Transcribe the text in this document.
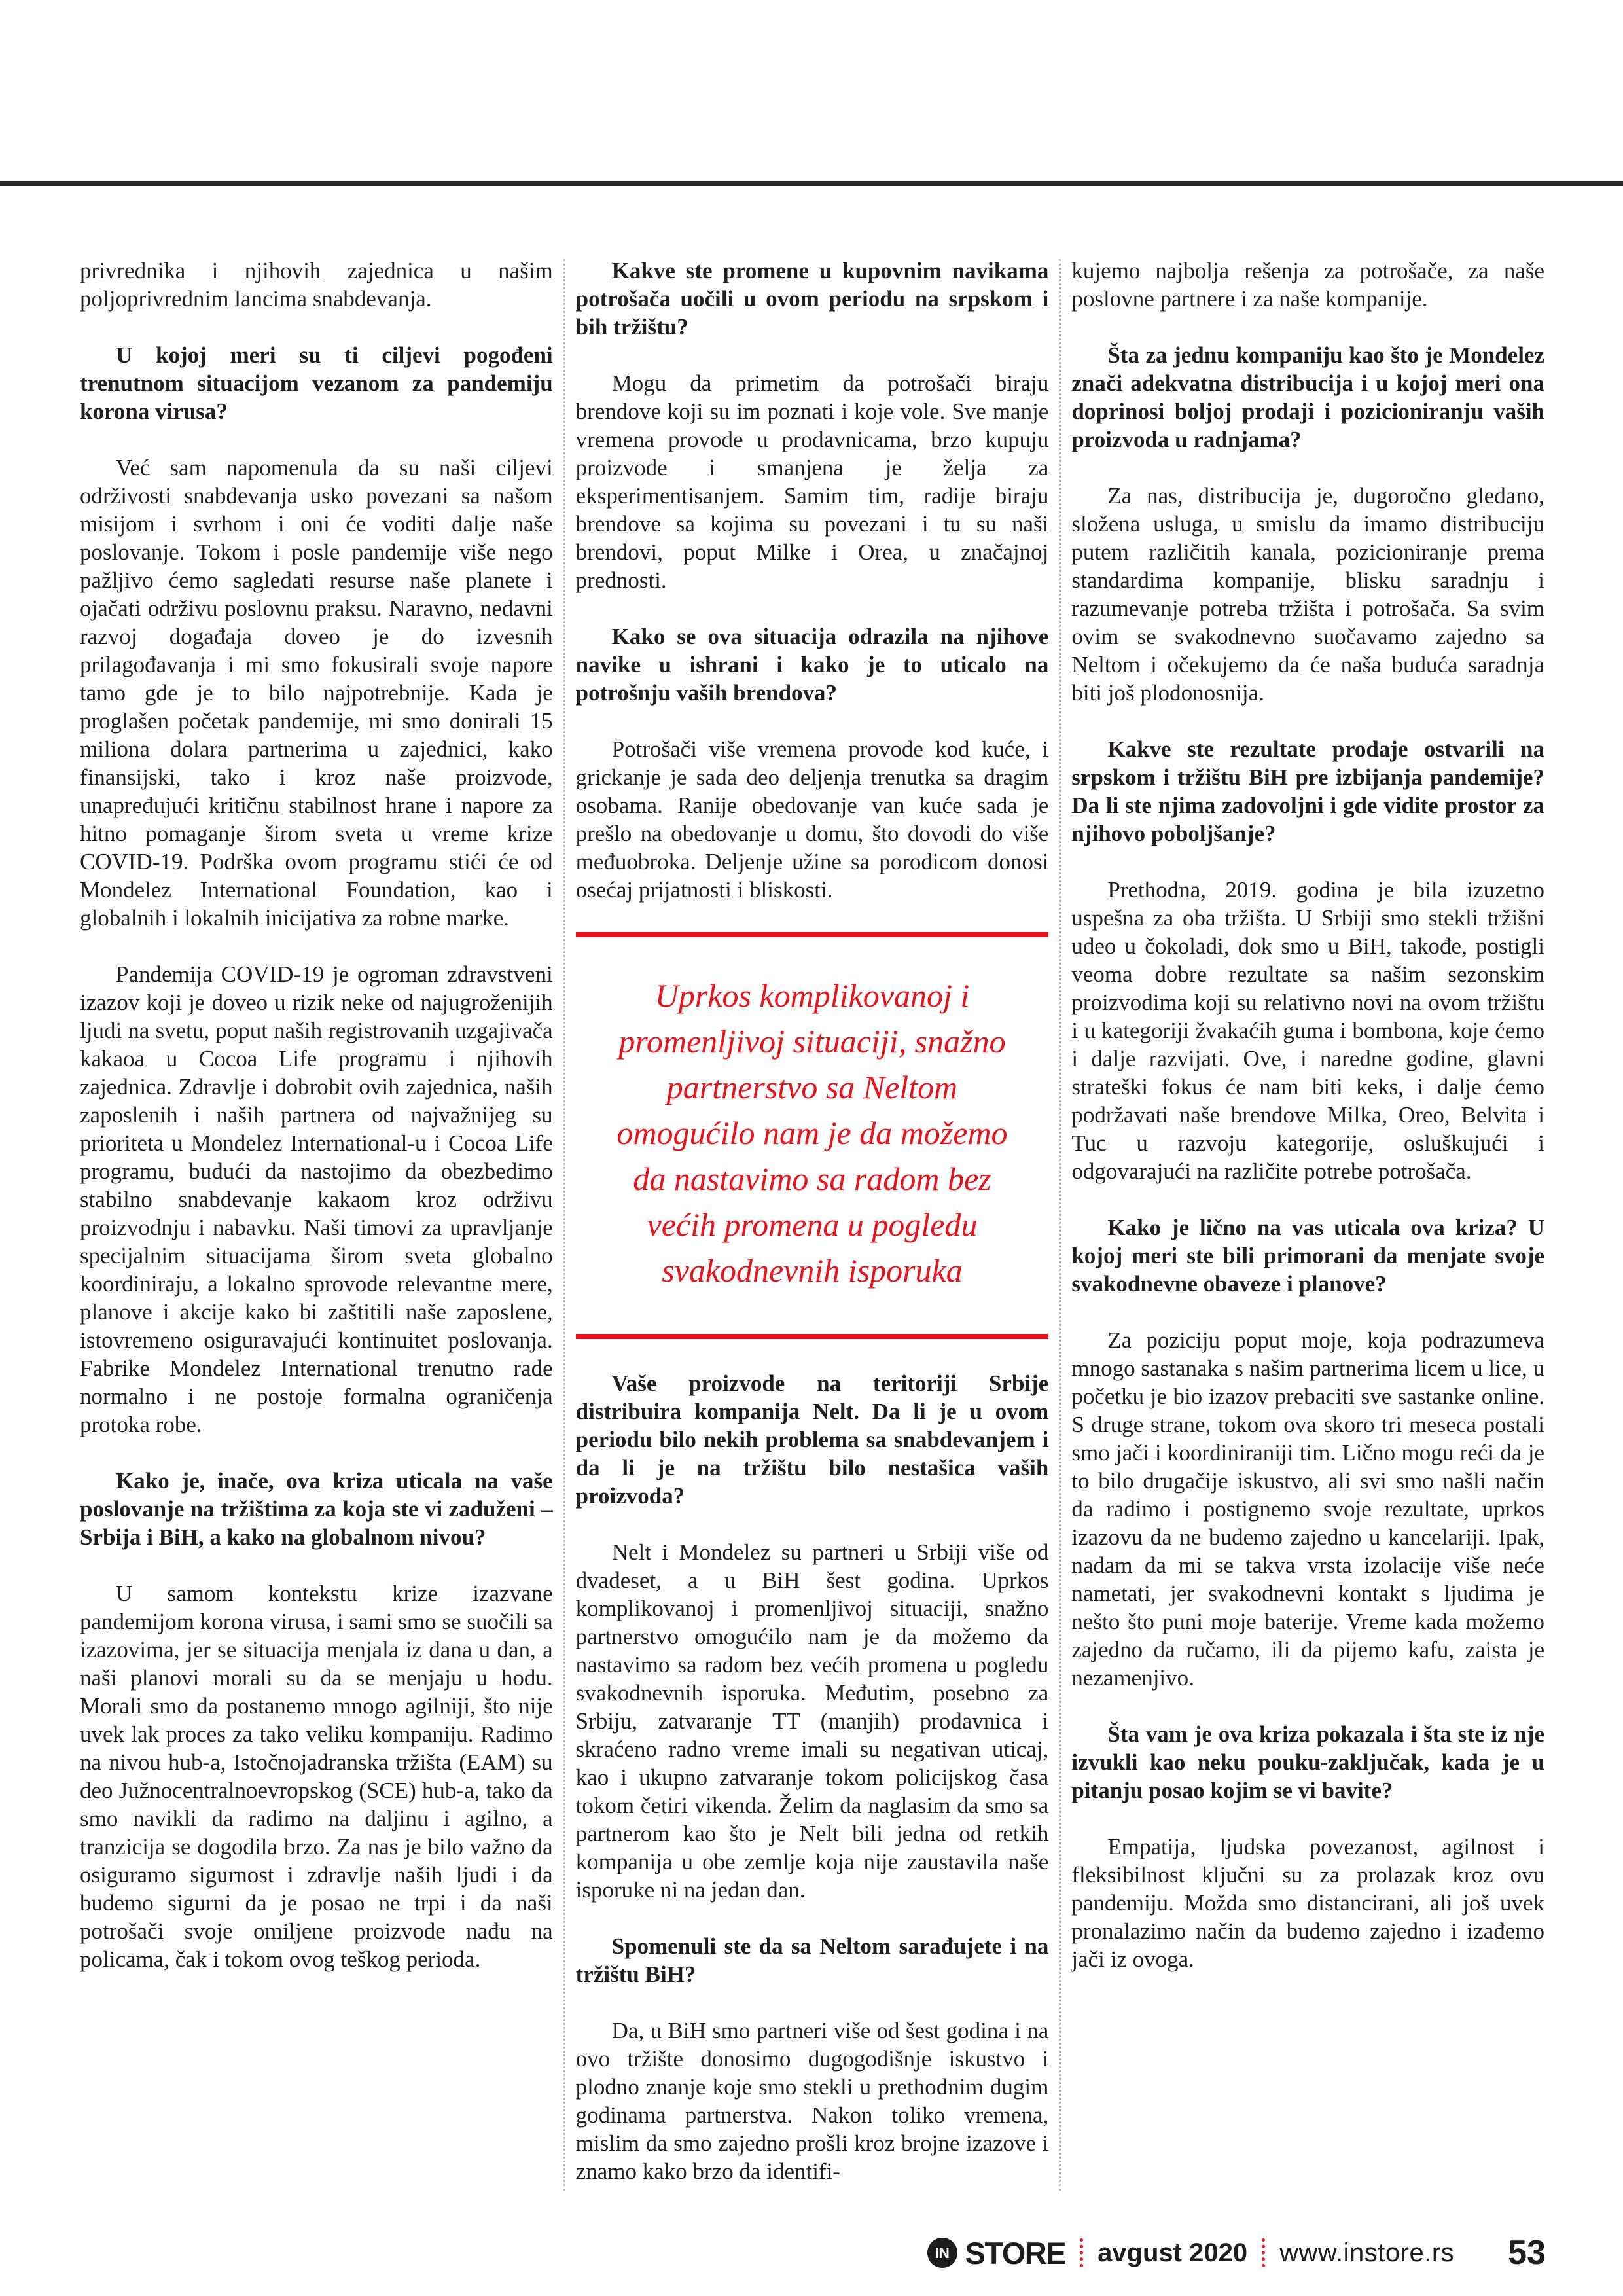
privrednika i njihovih zajednica u našim poljoprivrednim lancima snabdevanja.

U kojoj meri su ti ciljevi pogođeni trenutnom situacijom vezanom za pandemiju korona virusa?

Već sam napomenula da su naši ciljevi održivosti snabdevanja usko povezani sa našom misijom i svrhom i oni će voditi dalje naše poslovanje. Tokom i posle pandemije više nego pažljivo ćemo sagledati resurse naše planete i ojačati održivu poslovnu praksu. Naravno, nedavni razvoj događaja doveo je do izvesnih prilagođavanja i mi smo fokusirali svoje napore tamo gde je to bilo najpotrebnije. Kada je proglašen početak pandemije, mi smo donirali 15 miliona dolara partnerima u zajednici, kako finansijski, tako i kroz naše proizvode, unapređujući kritičnu stabilnost hrane i napore za hitno pomaganje širom sveta u vreme krize COVID-19. Podrška ovom programu stići će od Mondelez International Foundation, kao i globalnih i lokalnih inicijativa za robne marke.

Pandemija COVID-19 je ogroman zdravstveni izazov koji je doveo u rizik neke od najugroženijih ljudi na svetu, poput naših registrovanih uzgajivača kakaoa u Cocoa Life programu i njihovih zajednica. Zdravlje i dobrobit ovih zajednica, naših zaposlenih i naših partnera od najvažnijeg su prioriteta u Mondelez International-u i Cocoa Life programu, budući da nastojimo da obezbedimo stabilno snabdevanje kakaom kroz održivu proizvodnju i nabavku. Naši timovi za upravljanje specijalnim situacijama širom sveta globalno koordiniraju, a lokalno sprovode relevantne mere, planove i akcije kako bi zaštitili naše zaposlene, istovremeno osiguravajući kontinuitet poslovanja. Fabrike Mondelez International trenutno rade normalno i ne postoje formalna ograničenja protoka robe.

Kako je, inače, ova kriza uticala na vaše poslovanje na tržištima za koja ste vi zaduženi – Srbija i BiH, a kako na globalnom nivou?

U samom kontekstu krize izazvane pandemijom korona virusa, i sami smo se suočili sa izazovima, jer se situacija menjala iz dana u dan, a naši planovi morali su da se menjaju u hodu. Morali smo da postanemo mnogo agilniji, što nije uvek lak proces za tako veliku kompaniju. Radimo na nivou hub-a, Istočnojadranska tržišta (EAM) su deo Južnocentralnoevropskog (SCE) hub-a, tako da smo navikli da radimo na daljinu i agilno, a tranzicija se dogodila brzo. Za nas je bilo važno da osiguramo sigurnost i zdravlje naših ljudi i da budemo sigurni da je posao ne trpi i da naši potrošači svoje omiljene proizvode nađu na policama, čak i tokom ovog teškog perioda.

Kakve ste promene u kupovnim navikama potrošača uočili u ovom periodu na srpskom i bih tržištu?

Mogu da primetim da potrošači biraju brendove koji su im poznati i koje vole. Sve manje vremena provode u prodavnicama, brzo kupuju proizvode i smanjena je želja za eksperimentisanjem. Samim tim, radije biraju brendove sa kojima su povezani i tu su naši brendovi, poput Milke i Orea, u značajnoj prednosti.

Kako se ova situacija odrazila na njihove navike u ishrani i kako je to uticalo na potrošnju vaših brendova?

Potrošači više vremena provode kod kuće, i grickanje je sada deo deljenja trenutka sa dragim osobama. Ranije obedovanje van kuće sada je prešlo na obedovanje u domu, što dovodi do više međuobroka. Deljenje užine sa porodicom donosi osećaj prijatnosti i bliskosti.

Uprkos komplikovanoj i promenljivoj situaciji, snažno partnerstvo sa Neltom omogućilo nam je da možemo da nastavimo sa radom bez većih promena u pogledu svakodnevnih isporuka

Vaše proizvode na teritoriji Srbije distribuira kompanija Nelt. Da li je u ovom periodu bilo nekih problema sa snabdevanjem i da li je na tržištu bilo nestašica vaših proizvoda?

Nelt i Mondelez su partneri u Srbiji više od dvadeset, a u BiH šest godina. Uprkos komplikovanoj i promenljivoj situaciji, snažno partnerstvo omogućilo nam je da možemo da nastavimo sa radom bez većih promena u pogledu svakodnevnih isporuka. Međutim, posebno za Srbiju, zatvaranje TT (manjih) prodavnica i skraćeno radno vreme imali su negativan uticaj, kao i ukupno zatvaranje tokom policijskog časa tokom četiri vikenda. Želim da naglasim da smo sa partnerom kao što je Nelt bili jedna od retkih kompanija u obe zemlje koja nije zaustavila naše isporuke ni na jedan dan.

Spomenuli ste da sa Neltom sarađujete i na tržištu BiH?

Da, u BiH smo partneri više od šest godina i na ovo tržište donosimo dugogodišnje iskustvo i plodno znanje koje smo stekli u prethodnim dugim godinama partnerstva. Nakon toliko vremena, mislim da smo zajedno prošli kroz brojne izazove i znamo kako brzo da identifi-

kujemo najbolja rešenja za potrošače, za naše poslovne partnere i za naše kompanije.

Šta za jednu kompaniju kao što je Mondelez znači adekvatna distribucija i u kojoj meri ona doprinosi boljoj prodaji i pozicioniranju vaših proizvoda u radnjama?

Za nas, distribucija je, dugoročno gledano, složena usluga, u smislu da imamo distribuciju putem različitih kanala, pozicioniranje prema standardima kompanije, blisku saradnju i razumevanje potreba tržišta i potrošača. Sa svim ovim se svakodnevno suočavamo zajedno sa Neltom i očekujemo da će naša buduća saradnja biti još plodonosnija.

Kakve ste rezultate prodaje ostvarili na srpskom i tržištu BiH pre izbijanja pandemije? Da li ste njima zadovoljni i gde vidite prostor za njihovo poboljšanje?

Prethodna, 2019. godina je bila izuzetno uspešna za oba tržišta. U Srbiji smo stekli tržišni udeo u čokoladi, dok smo u BiH, takođe, postigli veoma dobre rezultate sa našim sezonskim proizvodima koji su relativno novi na ovom tržištu i u kategoriji žvakaćih guma i bombona, koje ćemo i dalje razvijati. Ove, i naredne godine, glavni strateški fokus će nam biti keks, i dalje ćemo podržavati naše brendove Milka, Oreo, Belvita i Tuc u razvoju kategorije, osluškujući i odgovarajući na različite potrebe potrošača.

Kako je lično na vas uticala ova kriza? U kojoj meri ste bili primorani da menjate svoje svakodnevne obaveze i planove?

Za poziciju poput moje, koja podrazumeva mnogo sastanaka s našim partnerima licem u lice, u početku je bio izazov prebaciti sve sastanke online. S druge strane, tokom ova skoro tri meseca postali smo jači i koordiniraniji tim. Lično mogu reći da je to bilo drugačije iskustvo, ali svi smo našli način da radimo i postignemo svoje rezultate, uprkos izazovu da ne budemo zajedno u kancelariji. Ipak, nadam da mi se takva vrsta izolacije više neće nametati, jer svakodnevni kontakt s ljudima je nešto što puni moje baterije. Vreme kada možemo zajedno da ručamo, ili da pijemo kafu, zaista je nezamenjivo.

Šta vam je ova kriza pokazala i šta ste iz nje izvukli kao neku pouku-zaključak, kada je u pitanju posao kojim se vi bavite?

Empatija, ljudska povezanost, agilnost i fleksibilnost ključni su za prolazak kroz ovu pandemiju. Možda smo distancirani, ali još uvek pronalazimo način da budemo zajedno i izađemo jači iz ovoga.

IN STORE avgust 2020 www.instore.rs 53
